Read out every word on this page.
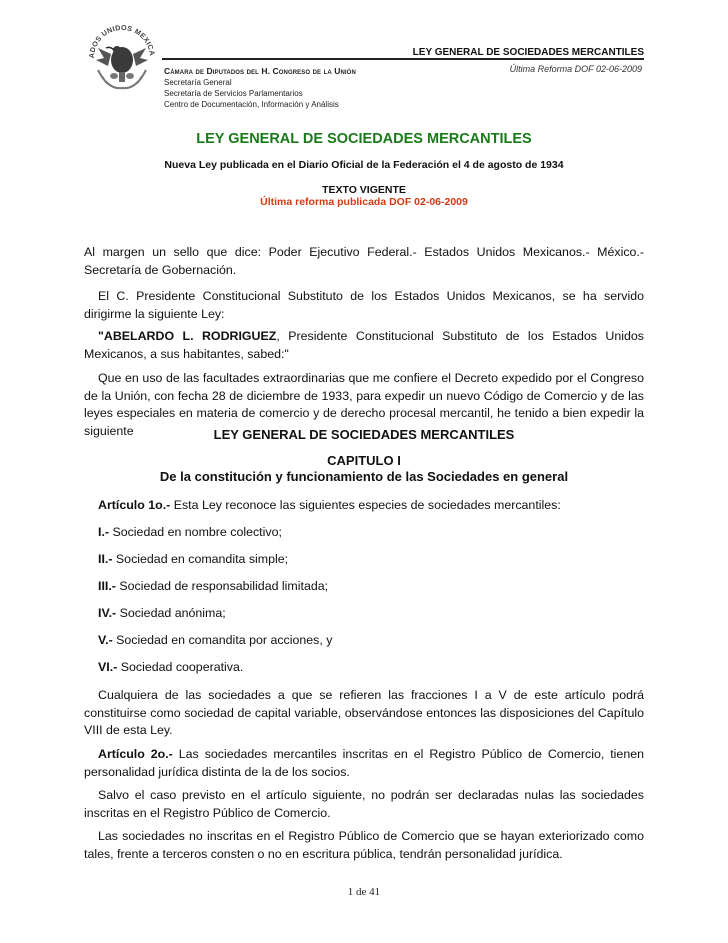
ADOS UNIDOS MEXICA	LEY GENERAL DE SOCIEDADES MERCANTILES
Última Reforma DOF 02-06-2009
Cámara de Diputados del H. Congreso de la Unión
Secretaría General
Secretaría de Servicios Parlamentarios
Centro de Documentación, Información y Análisis
LEY GENERAL DE SOCIEDADES MERCANTILES
Nueva Ley publicada en el Diario Oficial de la Federación el 4 de agosto de 1934
TEXTO VIGENTE
Última reforma publicada DOF 02-06-2009
Al margen un sello que dice: Poder Ejecutivo Federal.- Estados Unidos Mexicanos.- México.- Secretaría de Gobernación.
El C. Presidente Constitucional Substituto de los Estados Unidos Mexicanos, se ha servido dirigirme la siguiente Ley:
"ABELARDO L. RODRIGUEZ, Presidente Constitucional Substituto de los Estados Unidos Mexicanos, a sus habitantes, sabed:"
Que en uso de las facultades extraordinarias que me confiere el Decreto expedido por el Congreso de la Unión, con fecha 28 de diciembre de 1933, para expedir un nuevo Código de Comercio y de las leyes especiales en materia de comercio y de derecho procesal mercantil, he tenido a bien expedir la siguiente	LEY GENERAL DE SOCIEDADES MERCANTILES
CAPITULO I
De la constitución y funcionamiento de las Sociedades en general
Artículo 1o.- Esta Ley reconoce las siguientes especies de sociedades mercantiles:
I.- Sociedad en nombre colectivo;
II.- Sociedad en comandita simple;
III.- Sociedad de responsabilidad limitada;
IV.- Sociedad anónima;
V.- Sociedad en comandita por acciones, y
VI.- Sociedad cooperativa.
Cualquiera de las sociedades a que se refieren las fracciones I a V de este artículo podrá constituirse como sociedad de capital variable, observándose entonces las disposiciones del Capítulo VIII de esta Ley.
Artículo 2o.- Las sociedades mercantiles inscritas en el Registro Público de Comercio, tienen personalidad jurídica distinta de la de los socios.
Salvo el caso previsto en el artículo siguiente, no podrán ser declaradas nulas las sociedades inscritas en el Registro Público de Comercio.
Las sociedades no inscritas en el Registro Público de Comercio que se hayan exteriorizado como tales, frente a terceros consten o no en escritura pública, tendrán personalidad jurídica.
1 de 41
